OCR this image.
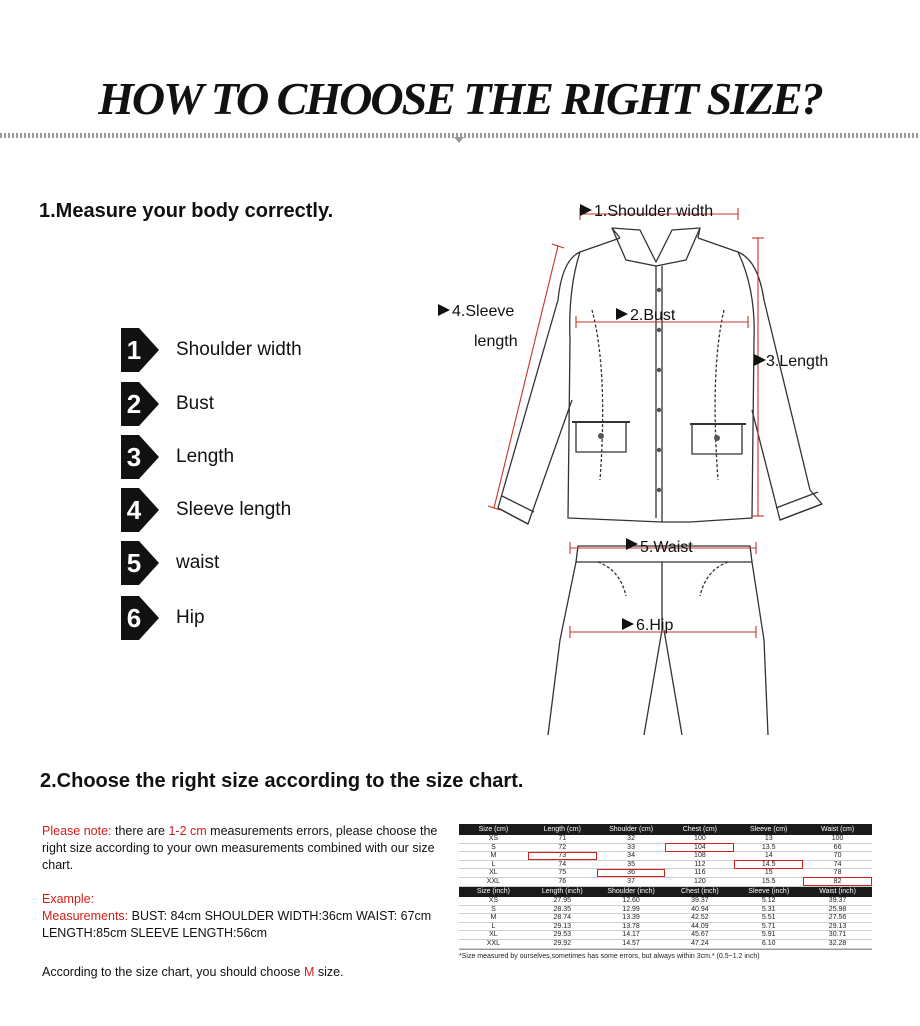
HOW TO CHOOSE THE RIGHT SIZE?
1.Measure your body correctly.
1 Shoulder width
2 Bust
3 Length
4 Sleeve length
5 waist
6 Hip
1.Shoulder width
2.Bust
3.Length
4.Sleeve
length
5.Waist
6.Hip
2.Choose the right size according to the size chart.

Please note: there are 1-2 cm measurements errors, please choose the right size according to your own measurements combined with our size chart.

Example:

Measurements: BUST: 84cm SHOULDER WIDTH:36cm WAIST: 67cm LENGTH:85cm SLEEVE LENGTH:56cm

According to the size chart, you should choose M size.

Size (cm)	Length (cm)	Shoulder (cm)	Chest (cm)	Sleeve (cm)	Waist (cm)
XS	71	32	100	13	100
S	72	33	104	13.5	66
M	73	34	108	14	70
L	74	35	112	14.5	74
XL	75	36	116	15	78
XXL	76	37	120	15.5	82
Size (inch)	Length (inch)	Shoulder (inch)	Chest (inch)	Sleeve (inch)	Waist (inch)
XS	27.95	12.60	39.37	5.12	39.37
S	28.35	12.99	40.94	5.31	25.98
M	28.74	13.39	42.52	5.51	27.56
L	29.13	13.78	44.09	5.71	29.13
XL	29.53	14.17	45.67	5.91	30.71
XXL	29.92	14.57	47.24	6.10	32.28
*Size measured by ourselves,sometimes has some errors, but always within 3cm.* (0.5~1.2 inch)
